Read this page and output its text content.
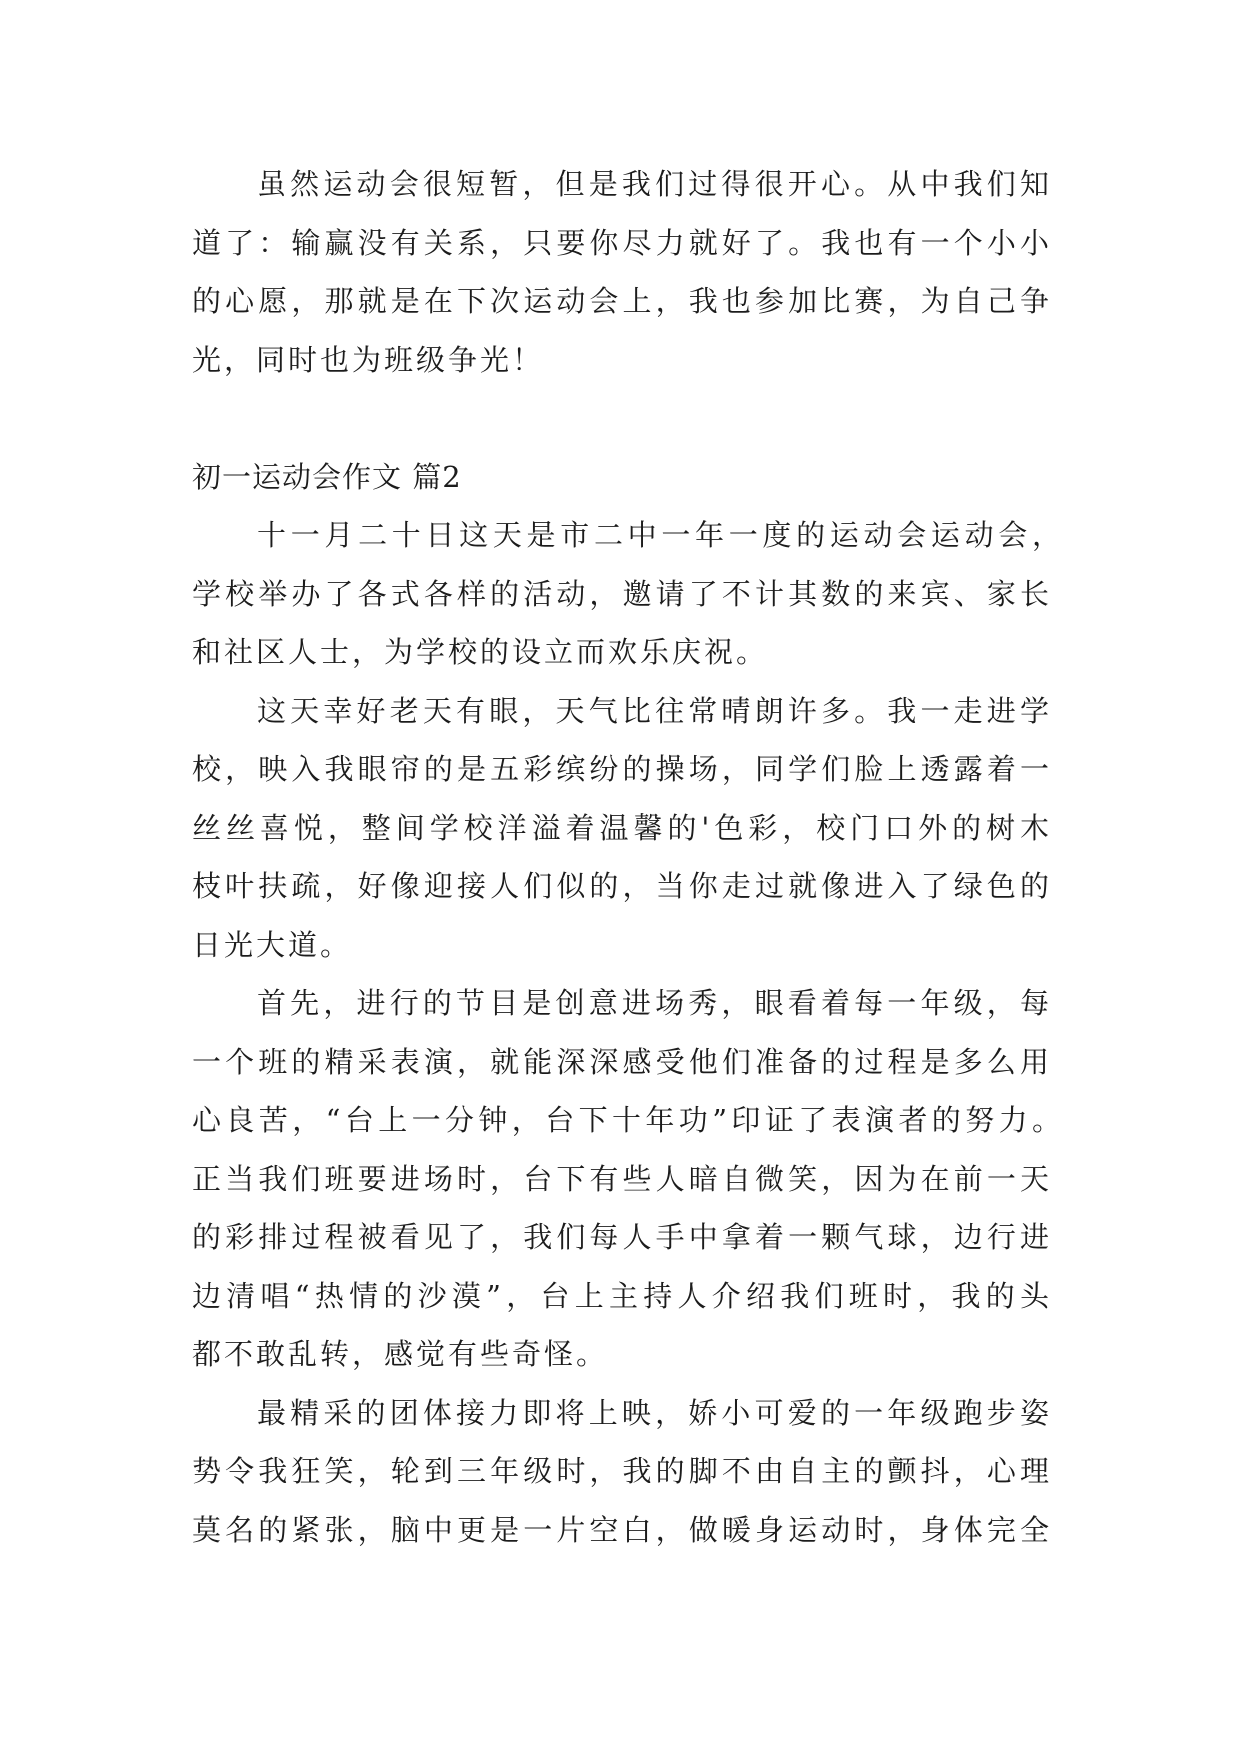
虽然运动会很短暂，但是我们过得很开心。从中我们知
道了：输赢没有关系，只要你尽力就好了。我也有一个小小
的心愿，那就是在下次运动会上，我也参加比赛，为自己争
光，同时也为班级争光！
初一运动会作文 篇2
十一月二十日这天是市二中一年一度的运动会运动会，
学校举办了各式各样的活动，邀请了不计其数的来宾、家长
和社区人士，为学校的设立而欢乐庆祝。
这天幸好老天有眼，天气比往常晴朗许多。我一走进学
校，映入我眼帘的是五彩缤纷的操场，同学们脸上透露着一
丝丝喜悦，整间学校洋溢着温馨的'色彩，校门口外的树木
枝叶扶疏，好像迎接人们似的，当你走过就像进入了绿色的
日光大道。
首先，进行的节目是创意进场秀，眼看着每一年级，每
一个班的精采表演，就能深深感受他们准备的过程是多么用
心良苦，“台上一分钟，台下十年功”印证了表演者的努力。
正当我们班要进场时，台下有些人暗自微笑，因为在前一天
的彩排过程被看见了，我们每人手中拿着一颗气球，边行进
边清唱“热情的沙漠”，台上主持人介绍我们班时，我的头
都不敢乱转，感觉有些奇怪。
最精采的团体接力即将上映，娇小可爱的一年级跑步姿
势令我狂笑，轮到三年级时，我的脚不由自主的颤抖，心理
莫名的紧张，脑中更是一片空白，做暖身运动时，身体完全
